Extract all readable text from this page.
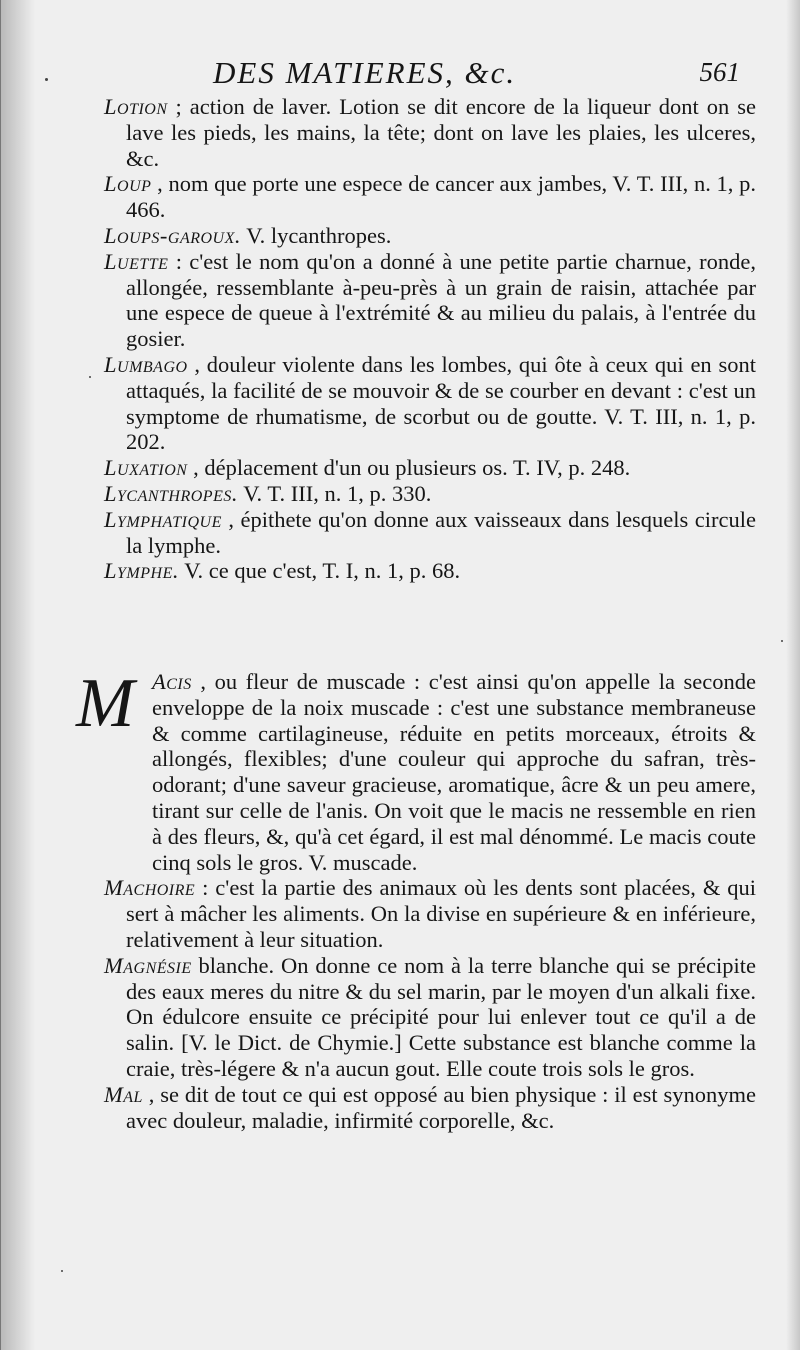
DES MATIERES, &c.	561

Lotion ; action de laver. Lotion se dit encore de la liqueur dont on se lave les pieds, les mains, la tête; dont on lave les plaies, les ulceres, &c.

Loup , nom que porte une espece de cancer aux jambes, V. T. III, n. 1, p. 466.

Loups-garoux. V. lycanthropes.

Luette : c'est le nom qu'on a donné à une petite partie charnue, ronde, allongée, ressemblante à-peu-près à un grain de raisin, attachée par une espece de queue à l'extrémité & au milieu du palais, à l'entrée du gosier.

Lumbago , douleur violente dans les lombes, qui ôte à ceux qui en sont attaqués, la facilité de se mouvoir & de se courber en devant : c'est un symptome de rhumatisme, de scorbut ou de goutte. V. T. III, n. 1, p. 202.

Luxation , déplacement d'un ou plusieurs os. T. IV, p. 248.

Lycanthropes. V. T. III, n. 1, p. 330.

Lymphatique , épithete qu'on donne aux vaisseaux dans lesquels circule la lymphe.

Lymphe. V. ce que c'est, T. I, n. 1, p. 68.

M Acis , ou fleur de muscade : c'est ainsi qu'on appelle la seconde enveloppe de la noix muscade : c'est une substance membraneuse & comme cartilagineuse, réduite en petits morceaux, étroits & allongés, flexibles; d'une couleur qui approche du safran, très-odorant; d'une saveur gracieuse, aromatique, âcre & un peu amere, tirant sur celle de l'anis. On voit que le macis ne ressemble en rien à des fleurs, &, qu'à cet égard, il est mal dénommé. Le macis coute cinq sols le gros. V. muscade.

Machoire : c'est la partie des animaux où les dents sont placées, & qui sert à mâcher les aliments. On la divise en supérieure & en inférieure, relativement à leur situation.

Magnésie blanche. On donne ce nom à la terre blanche qui se précipite des eaux meres du nitre & du sel marin, par le moyen d'un alkali fixe. On édulcore ensuite ce précipité pour lui enlever tout ce qu'il a de salin. [V. le Dict. de Chymie.] Cette substance est blanche comme la craie, très-légere & n'a aucun gout. Elle coute trois sols le gros.

Mal , se dit de tout ce qui est opposé au bien physique : il est synonyme avec douleur, maladie, infirmité corporelle, &c.
